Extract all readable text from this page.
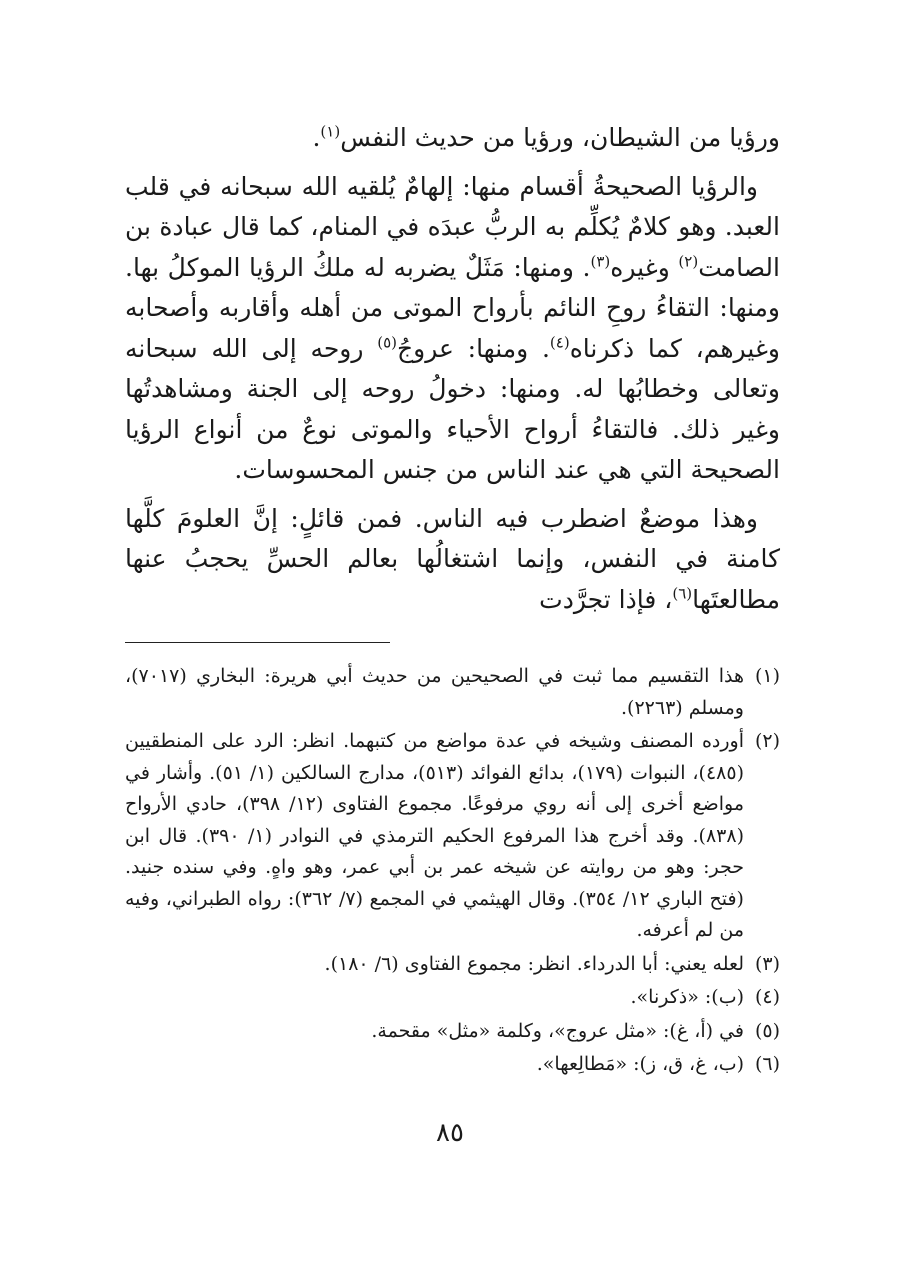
ورؤيا من الشيطان، ورؤيا من حديث النفس$^{(١)}$.

والرؤيا الصحيحةُ أقسام منها: إلهامٌ يُلقيه الله سبحانه في قلب العبد. وهو كلامٌ يُكلِّم به الربُّ عبدَه في المنام، كما قال عبادة بن الصامت$^{(٢)}$ وغيره$^{(٣)}$. ومنها: مَثَلٌ يضربه له ملكُ الرؤيا الموكلُ بها. ومنها: التقاءُ روحِ النائم بأرواح الموتى من أهله وأقاربه وأصحابه وغيرهم، كما ذكرناه$^{(٤)}$. ومنها: عروجُ$^{(٥)}$ روحه إلى الله سبحانه وتعالى وخطابُها له. ومنها: دخولُ روحه إلى الجنة ومشاهدتُها وغير ذلك. فالتقاءُ أرواح الأحياء والموتى نوعٌ من أنواع الرؤيا الصحيحة التي هي عند الناس من جنس المحسوسات.

وهذا موضعٌ اضطرب فيه الناس. فمن قائلٍ: إنَّ العلومَ كلَّها كامنة في النفس، وإنما اشتغالُها بعالم الحسِّ يحجبُ عنها مطالعتَها$^{(٦)}$، فإذا تجرَّدت

(١)
هذا التقسيم مما ثبت في الصحيحين من حديث أبي هريرة: البخاري (٧٠١٧)، ومسلم (٢٢٦٣).
(٢)
أورده المصنف وشيخه في عدة مواضع من كتبهما. انظر: الرد على المنطقيين (٤٨٥)، النبوات (١٧٩)، بدائع الفوائد (٥١٣)، مدارج السالكين (١/ ٥١). وأشار في مواضع أخرى إلى أنه روي مرفوعًا. مجموع الفتاوى (١٢/ ٣٩٨)، حادي الأرواح (٨٣٨). وقد أخرج هذا المرفوع الحكيم الترمذي في النوادر (١/ ٣٩٠). قال ابن حجر: وهو من روايته عن شيخه عمر بن أبي عمر، وهو واهٍ. وفي سنده جنيد. (فتح الباري ١٢/ ٣٥٤). وقال الهيثمي في المجمع (٧/ ٣٦٢): رواه الطبراني، وفيه من لم أعرفه.
(٣)
لعله يعني: أبا الدرداء. انظر: مجموع الفتاوى (٦/ ١٨٠).
(٤)
(ب): «ذكرنا».
(٥)
في (أ، غ): «مثل عروج»، وكلمة «مثل» مقحمة.
(٦)
(ب، غ، ق، ز): «مَطالِعها».
٨٥
